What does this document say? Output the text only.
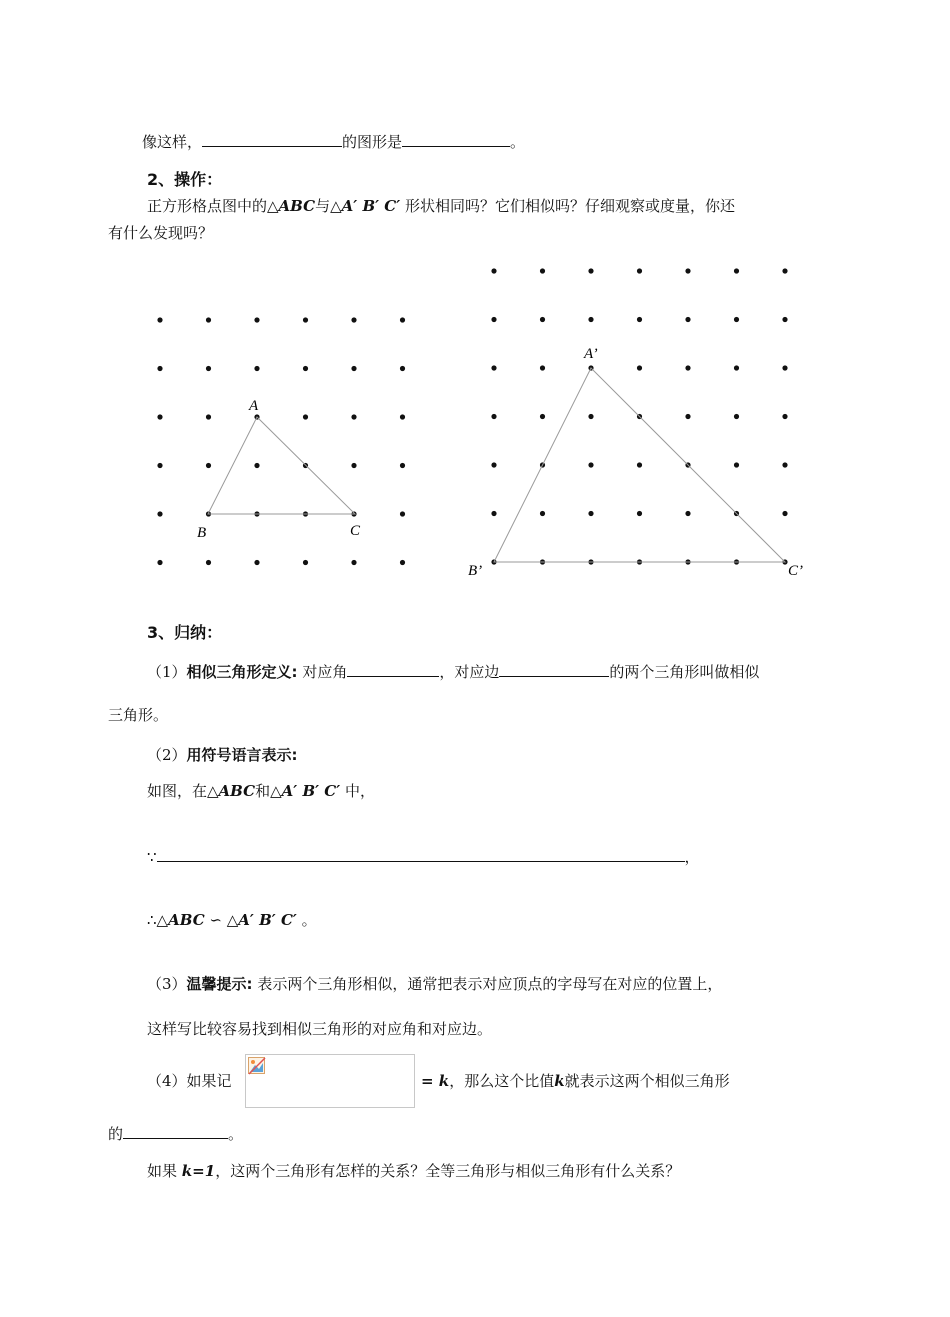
像这样，	的图形是	。
2、操作：
正方形格点图中的△ABC与△A′ B′ C′ 形状相同吗？它们相似吗？仔细观察或度量，你还
有什么发现吗？
A
B	C
A’
B’	C’
3、归纳：
（1）相似三角形定义: 对应角	，对应边	的两个三角形叫做相似
三角形。
（2）用符号语言表示:
如图，在△ABC和△A′ B′ C′ 中，
∵	，
∴△ABC ∽ △A′ B′ C′ 。
（3）温馨提示: 表示两个三角形相似，通常把表示对应顶点的字母写在对应的位置上，
这样写比较容易找到相似三角形的对应角和对应边。
（4）如果记	= k，那么这个比值k就表示这两个相似三角形
的	。
如果 k=1，这两个三角形有怎样的关系？全等三角形与相似三角形有什么关系？
